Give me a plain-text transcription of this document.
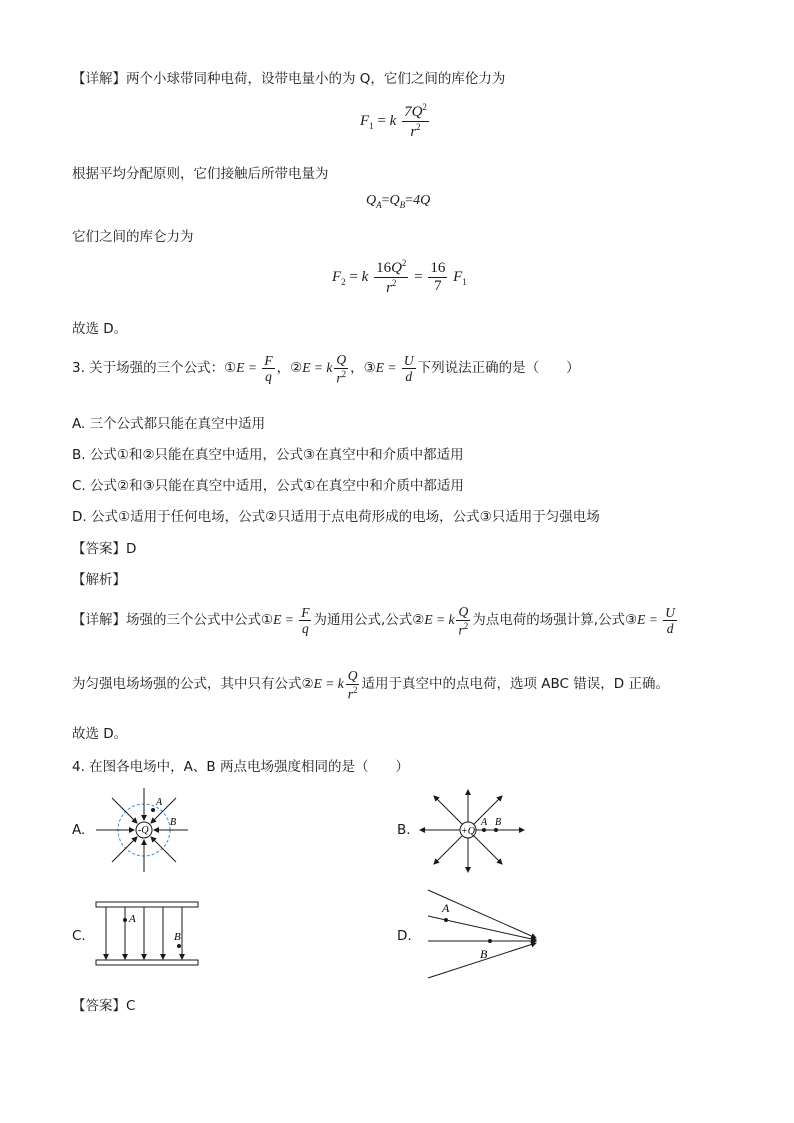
【详解】两个小球带同种电荷，设带电量小的为 Q，它们之间的库伦力为
$F_1 = k \frac{7Q^2}{r^2}$
根据平均分配原则，它们接触后所带电量为
$Q_A=Q_B=4Q$
它们之间的库仑力为
$F_2 = k \frac{16Q^2}{r^2} = \frac{16}{7} F_1$
故选 D。
3. 关于场强的三个公式：①E = $\frac{F}{q}$ ，②E = k $\frac{Q}{r^2}$ ，③E = $\frac{U}{d}$ 下列说法正确的是（　　）
A. 三个公式都只能在真空中适用
B. 公式①和②只能在真空中适用，公式③在真空中和介质中都适用
C. 公式②和③只能在真空中适用，公式①在真空中和介质中都适用
D. 公式①适用于任何电场，公式②只适用于点电荷形成的电场，公式③只适用于匀强电场
【答案】D
【解析】
【详解】场强的三个公式中公式①E = $\frac{F}{q}$ 为通用公式,公式②E = k $\frac{Q}{r^2}$ 为点电荷的场强计算,公式③E = $\frac{U}{d}$
为匀强电场场强的公式，其中只有公式②E = k $\frac{Q}{r^2}$ 适用于真空中的点电荷，选项 ABC 错误，D 正确。
故选 D。
4. 在图各电场中，A、B 两点电场强度相同的是（　　）
A.	B.
C.	D.
-Q
A
B
+Q
A B
A
B
A
B
【答案】C
